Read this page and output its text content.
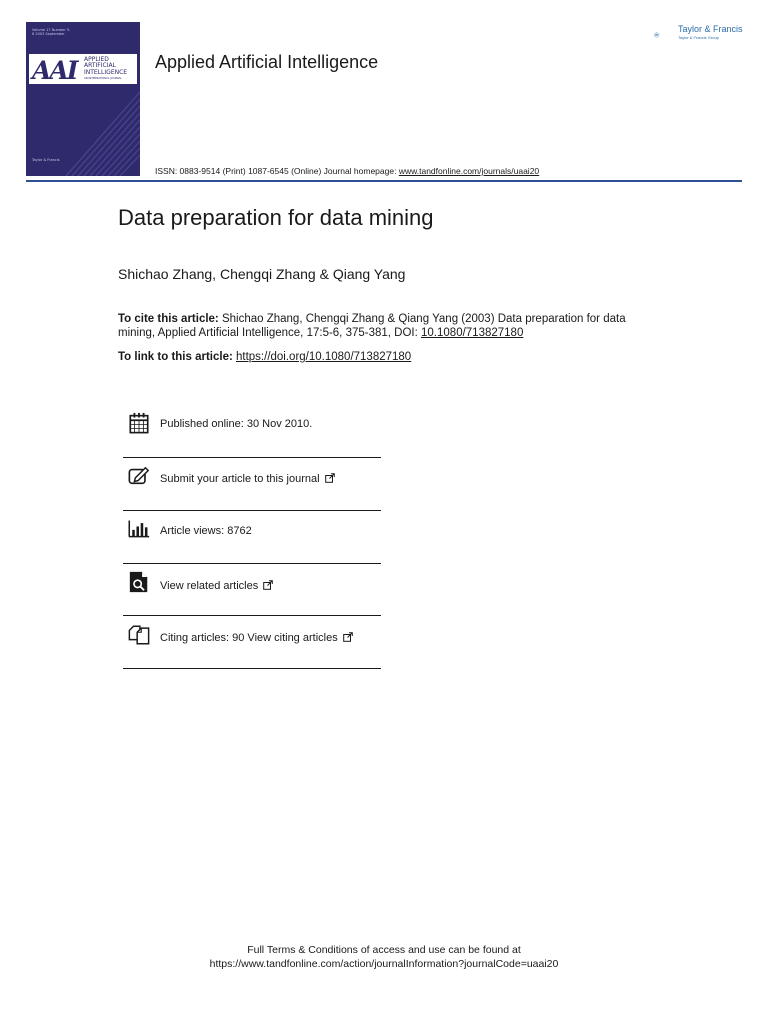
Volume 17 Number 5-6 2003 September
AAI APPLIED
ARTIFICIAL
INTELLIGENCE
AN INTERNATIONAL JOURNAL
Taylor & Francis
Applied Artificial Intelligence
ISSN: 0883-9514 (Print) 1087-6545 (Online) Journal homepage: www.tandfonline.com/journals/uaai20
Taylor & Francis
Taylor & Francis Group
Data preparation for data mining
Shichao Zhang, Chengqi Zhang & Qiang Yang
To cite this article: Shichao Zhang, Chengqi Zhang & Qiang Yang (2003) Data preparation for data mining, Applied Artificial Intelligence, 17:5-6, 375-381, DOI: 10.1080/713827180
To link to this article: https://doi.org/10.1080/713827180
Published online: 30 Nov 2010.
Submit your article to this journal
Article views: 8762
View related articles
Citing articles: 90 View citing articles
Full Terms & Conditions of access and use can be found at
https://www.tandfonline.com/action/journalInformation?journalCode=uaai20
